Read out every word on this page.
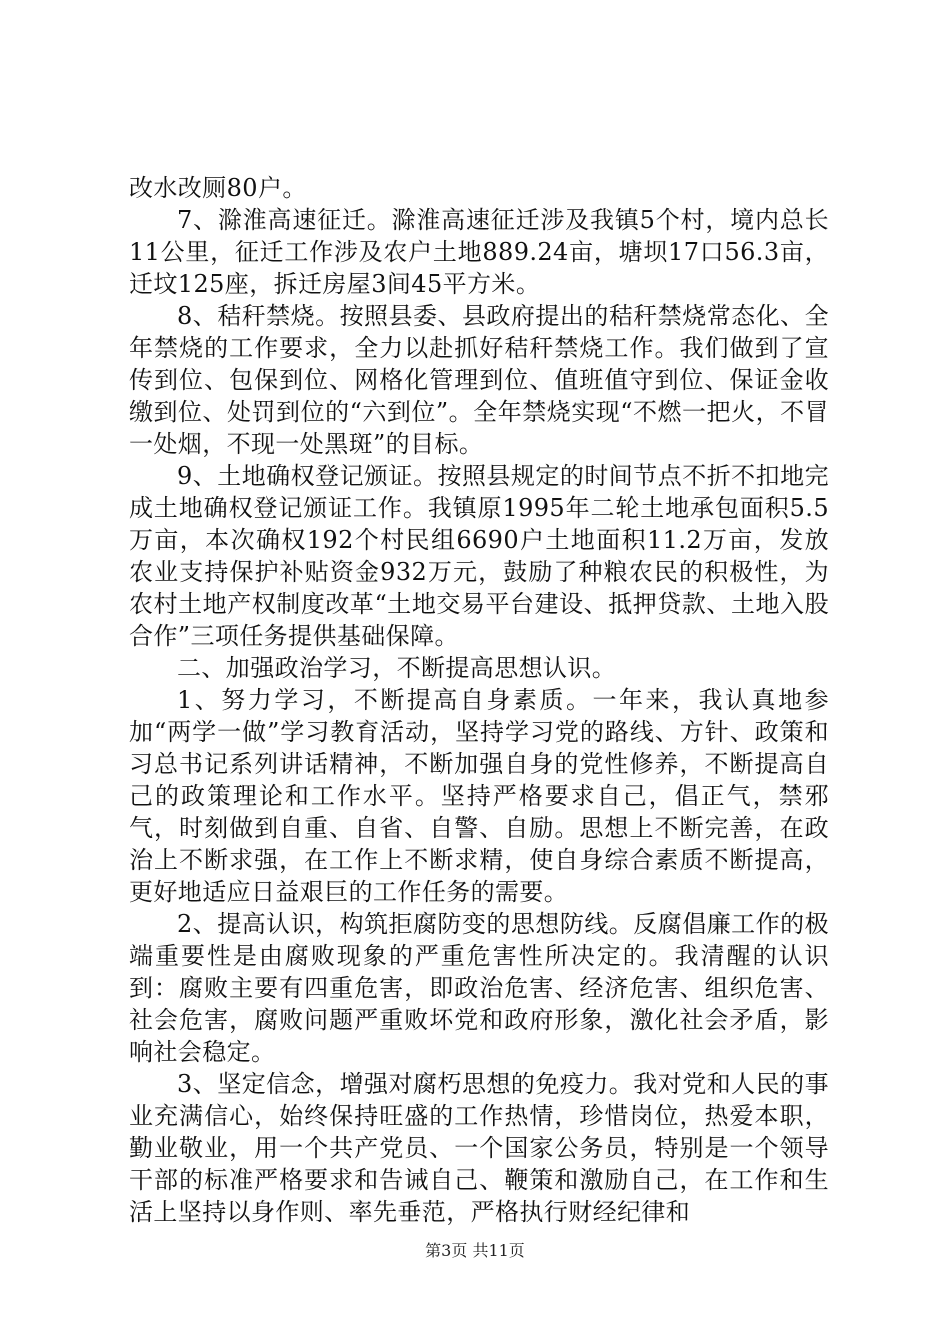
改水改厕80户。

7、滁淮高速征迁。滁淮高速征迁涉及我镇5个村，境内总长11公里，征迁工作涉及农户土地889.24亩，塘坝17口56.3亩，迁坟125座，拆迁房屋3间45平方米。

8、秸秆禁烧。按照县委、县政府提出的秸秆禁烧常态化、全年禁烧的工作要求，全力以赴抓好秸秆禁烧工作。我们做到了宣传到位、包保到位、网格化管理到位、值班值守到位、保证金收缴到位、处罚到位的“六到位”。全年禁烧实现“不燃一把火，不冒一处烟，不现一处黑斑”的目标。

9、土地确权登记颁证。按照县规定的时间节点不折不扣地完成土地确权登记颁证工作。我镇原1995年二轮土地承包面积5.5万亩，本次确权192个村民组6690户土地面积11.2万亩，发放农业支持保护补贴资金932万元，鼓励了种粮农民的积极性，为农村土地产权制度改革“土地交易平台建设、抵押贷款、土地入股合作”三项任务提供基础保障。

二、加强政治学习，不断提高思想认识。

1、努力学习，不断提高自身素质。一年来，我认真地参加“两学一做”学习教育活动，坚持学习党的路线、方针、政策和习总书记系列讲话精神，不断加强自身的党性修养，不断提高自己的政策理论和工作水平。坚持严格要求自己，倡正气，禁邪气，时刻做到自重、自省、自警、自励。思想上不断完善，在政治上不断求强，在工作上不断求精，使自身综合素质不断提高，更好地适应日益艰巨的工作任务的需要。

2、提高认识，构筑拒腐防变的思想防线。反腐倡廉工作的极端重要性是由腐败现象的严重危害性所决定的。我清醒的认识到：腐败主要有四重危害，即政治危害、经济危害、组织危害、社会危害，腐败问题严重败坏党和政府形象，激化社会矛盾，影响社会稳定。

3、坚定信念，增强对腐朽思想的免疫力。我对党和人民的事业充满信心，始终保持旺盛的工作热情，珍惜岗位，热爱本职，勤业敬业，用一个共产党员、一个国家公务员，特别是一个领导干部的标准严格要求和告诫自己、鞭策和激励自己，在工作和生活上坚持以身作则、率先垂范，严格执行财经纪律和

第3页 共11页
